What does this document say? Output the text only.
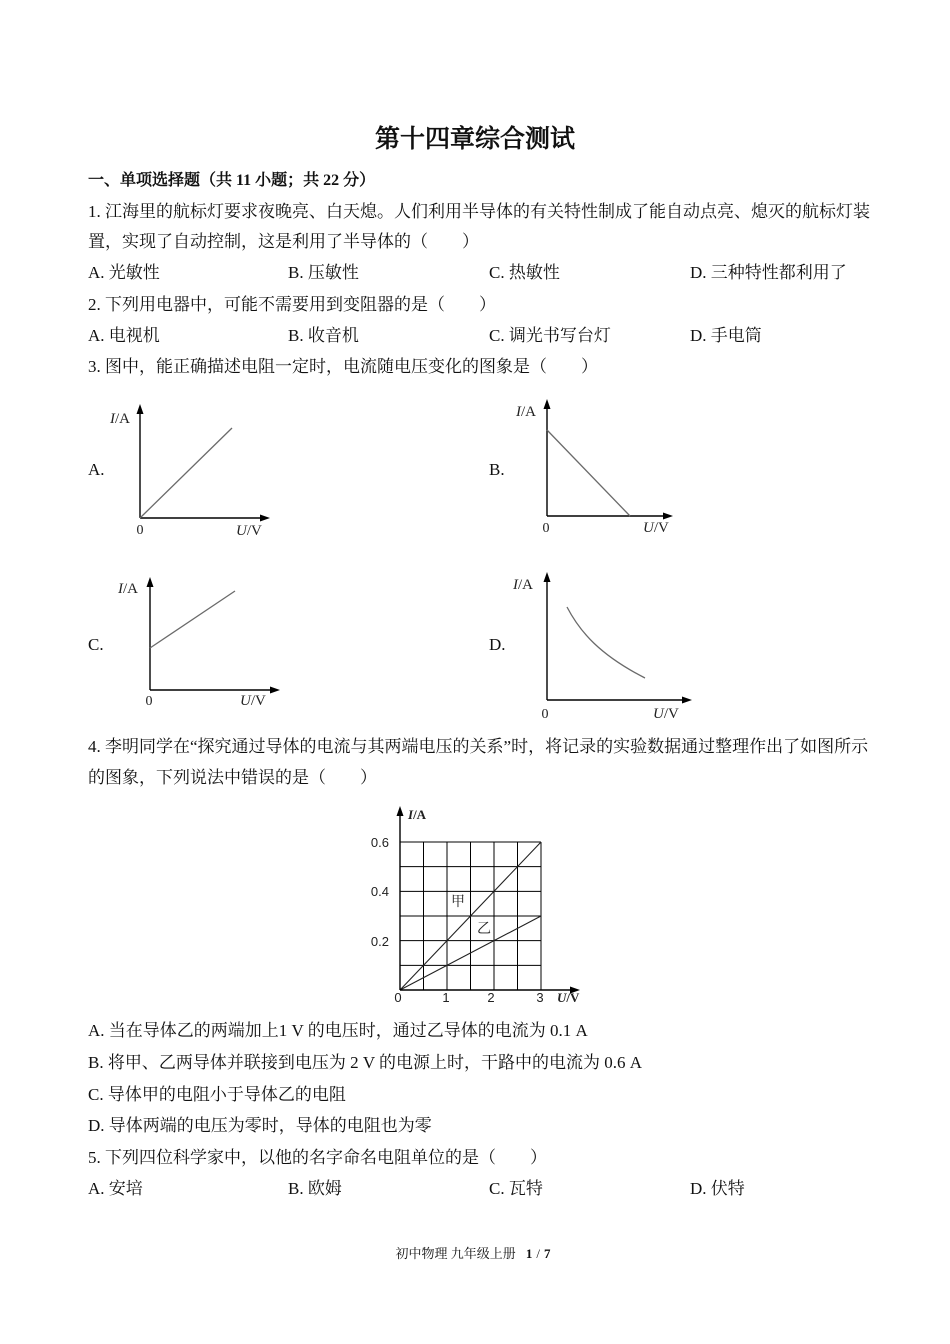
第十四章综合测试
一、单项选择题（共 11 小题；共 22 分）
1. 江海里的航标灯要求夜晚亮、白天熄。人们利用半导体的有关特性制成了能自动点亮、熄灭的航标灯装
置，实现了自动控制，这是利用了半导体的（　　）
A. 光敏性	B. 压敏性	C. 热敏性	D. 三种特性都利用了
2. 下列用电器中，可能不需要用到变阻器的是（　　）
A. 电视机	B. 收音机	C. 调光书写台灯	D. 手电筒
3. 图中，能正确描述电阻一定时，电流随电压变化的图象是（　　）
A.	B.
C.	D.
4. 李明同学在“探究通过导体的电流与其两端电压的关系”时，将记录的实验数据通过整理作出了如图所示
的图象，下列说法中错误的是（　　）
A. 当在导体乙的两端加上1 V 的电压时，通过乙导体的电流为 0.1 A
B. 将甲、乙两导体并联接到电压为 2 V 的电源上时，干路中的电流为 0.6 A
C. 导体甲的电阻小于导体乙的电阻
D. 导体两端的电压为零时，导体的电阻也为零
5. 下列四位科学家中，以他的名字命名电阻单位的是（　　）
A. 安培	B. 欧姆	C. 瓦特	D. 伏特
初中物理 九年级上册 1 / 7
I/A
0	U/V
I/A
0	U/V
I/A
0	U/V
I/A
0	U/V
甲
乙
I/A
U/V
0.2
0.4
0.6
0	1	2	3
